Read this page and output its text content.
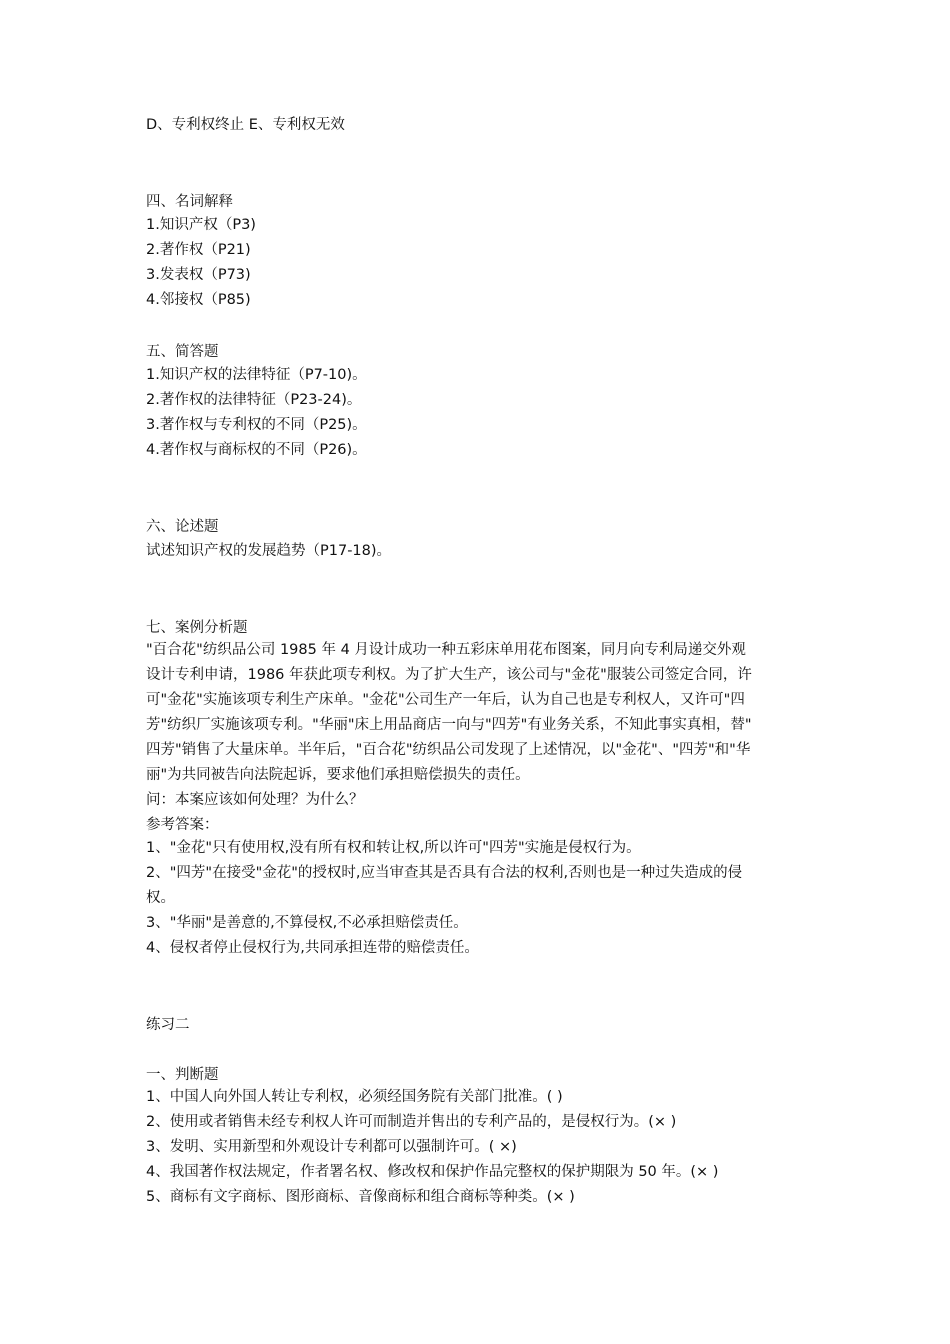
D、专利权终止 E、专利权无效
四、名词解释
1.知识产权（P3)
2.著作权（P21)
3.发表权（P73)
4.邻接权（P85)
五、简答题
1.知识产权的法律特征（P7-10)。
2.著作权的法律特征（P23-24)。
3.著作权与专利权的不同（P25)。
4.著作权与商标权的不同（P26)。
六、论述题
试述知识产权的发展趋势（P17-18)。
七、案例分析题
"百合花"纺织品公司 1985 年 4 月设计成功一种五彩床单用花布图案，同月向专利局递交外观
设计专利申请，1986 年获此项专利权。为了扩大生产，该公司与"金花"服装公司签定合同，许
可"金花"实施该项专利生产床单。"金花"公司生产一年后，认为自己也是专利权人，又许可"四
芳"纺织厂实施该项专利。"华丽"床上用品商店一向与"四芳"有业务关系，不知此事实真相，替"
四芳"销售了大量床单。半年后，"百合花"纺织品公司发现了上述情况，以"金花"、"四芳"和"华
丽"为共同被告向法院起诉，要求他们承担赔偿损失的责任。
问：本案应该如何处理？为什么？
参考答案：
1、"金花"只有使用权,没有所有权和转让权,所以许可"四芳"实施是侵权行为。
2、"四芳"在接受"金花"的授权时,应当审查其是否具有合法的权利,否则也是一种过失造成的侵
权。
3、"华丽"是善意的,不算侵权,不必承担赔偿责任。
4、侵权者停止侵权行为,共同承担连带的赔偿责任。
练习二
一、判断题
1、中国人向外国人转让专利权，必须经国务院有关部门批准。( )
2、使用或者销售未经专利权人许可而制造并售出的专利产品的，是侵权行为。(× )
3、发明、实用新型和外观设计专利都可以强制许可。( ×)
4、我国著作权法规定，作者署名权、修改权和保护作品完整权的保护期限为 50 年。(× )
5、商标有文字商标、图形商标、音像商标和组合商标等种类。(× )
